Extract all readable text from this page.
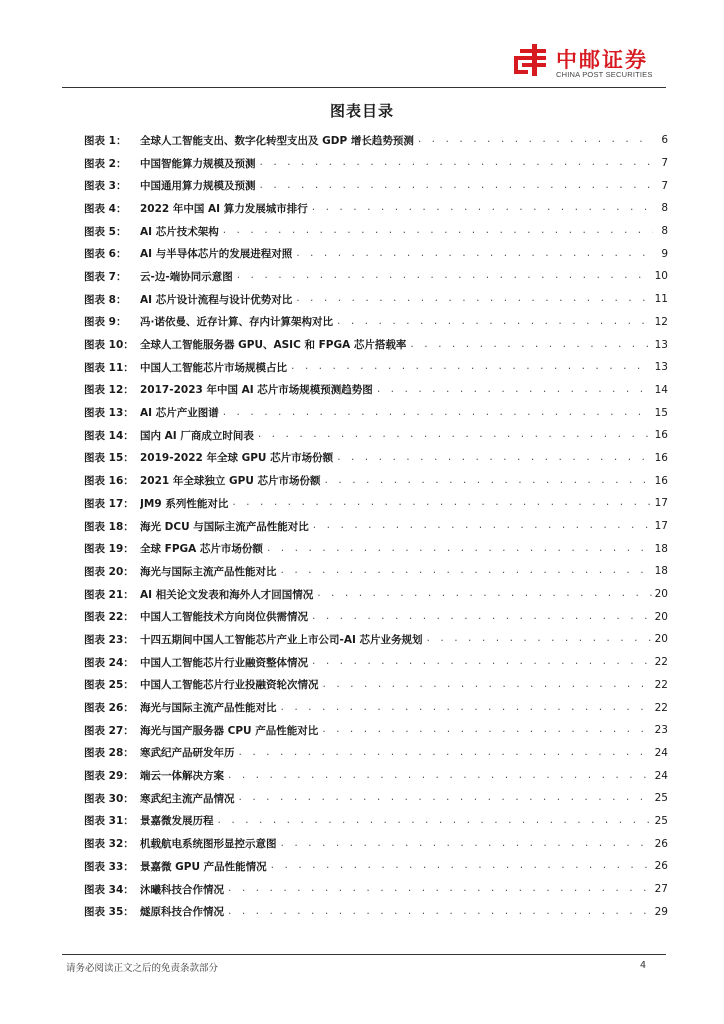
中邮证券
CHINA POST SECURITIES
图表目录
图表 1：	全球人工智能支出、数字化转型支出及 GDP 增长趋势预测 . . .	6
图表 2：	中国智能算力规模及预测 . . .	7
图表 3：	中国通用算力规模及预测 . . .	7
图表 4：	2022 年中国 AI 算力发展城市排行 . . .	8
图表 5：	AI 芯片技术架构 . . .	8
图表 6：	AI 与半导体芯片的发展进程对照 . . .	9
图表 7：	云-边-端协同示意图 . . .	10
图表 8：	AI 芯片设计流程与设计优势对比 . . .	11
图表 9：	冯·诺依曼、近存计算、存内计算架构对比 . . .	12
图表 10： 全球人工智能服务器 GPU、ASIC 和 FPGA 芯片搭载率 . . .	13
图表 11： 中国人工智能芯片市场规模占比 . . .	13
图表 12： 2017-2023 年中国 AI 芯片市场规模预测趋势图 . . .	14
图表 13： AI 芯片产业图谱 . . .	15
图表 14： 国内 AI 厂商成立时间表 . . .	16
图表 15： 2019-2022 年全球 GPU 芯片市场份额 . . .	16
图表 16： 2021 年全球独立 GPU 芯片市场份额 . . .	16
图表 17： JM9 系列性能对比 . . .	17
图表 18： 海光 DCU 与国际主流产品性能对比 . . .	17
图表 19： 全球 FPGA 芯片市场份额 . . .	18
图表 20： 海光与国际主流产品性能对比 . . .	18
图表 21： AI 相关论文发表和海外人才回国情况 . . .	20
图表 22： 中国人工智能技术方向岗位供需情况 . . .	20
图表 23： 十四五期间中国人工智能芯片产业上市公司-AI 芯片业务规划 . . .	20
图表 24： 中国人工智能芯片行业融资整体情况 . . .	22
图表 25： 中国人工智能芯片行业投融资轮次情况 . . .	22
图表 26： 海光与国际主流产品性能对比 . . .	22
图表 27： 海光与国产服务器 CPU 产品性能对比 . . .	23
图表 28： 寒武纪产品研发年历 . . .	24
图表 29： 端云一体解决方案 . . .	24
图表 30： 寒武纪主流产品情况 . . .	25
图表 31： 景嘉微发展历程 . . .	25
图表 32： 机载航电系统图形显控示意图 . . .	26
图表 33： 景嘉微 GPU 产品性能情况 . . .	26
图表 34： 沐曦科技合作情况 . . .	27
图表 35： 燧原科技合作情况 . . .	29
请务必阅读正文之后的免责条款部分	4
